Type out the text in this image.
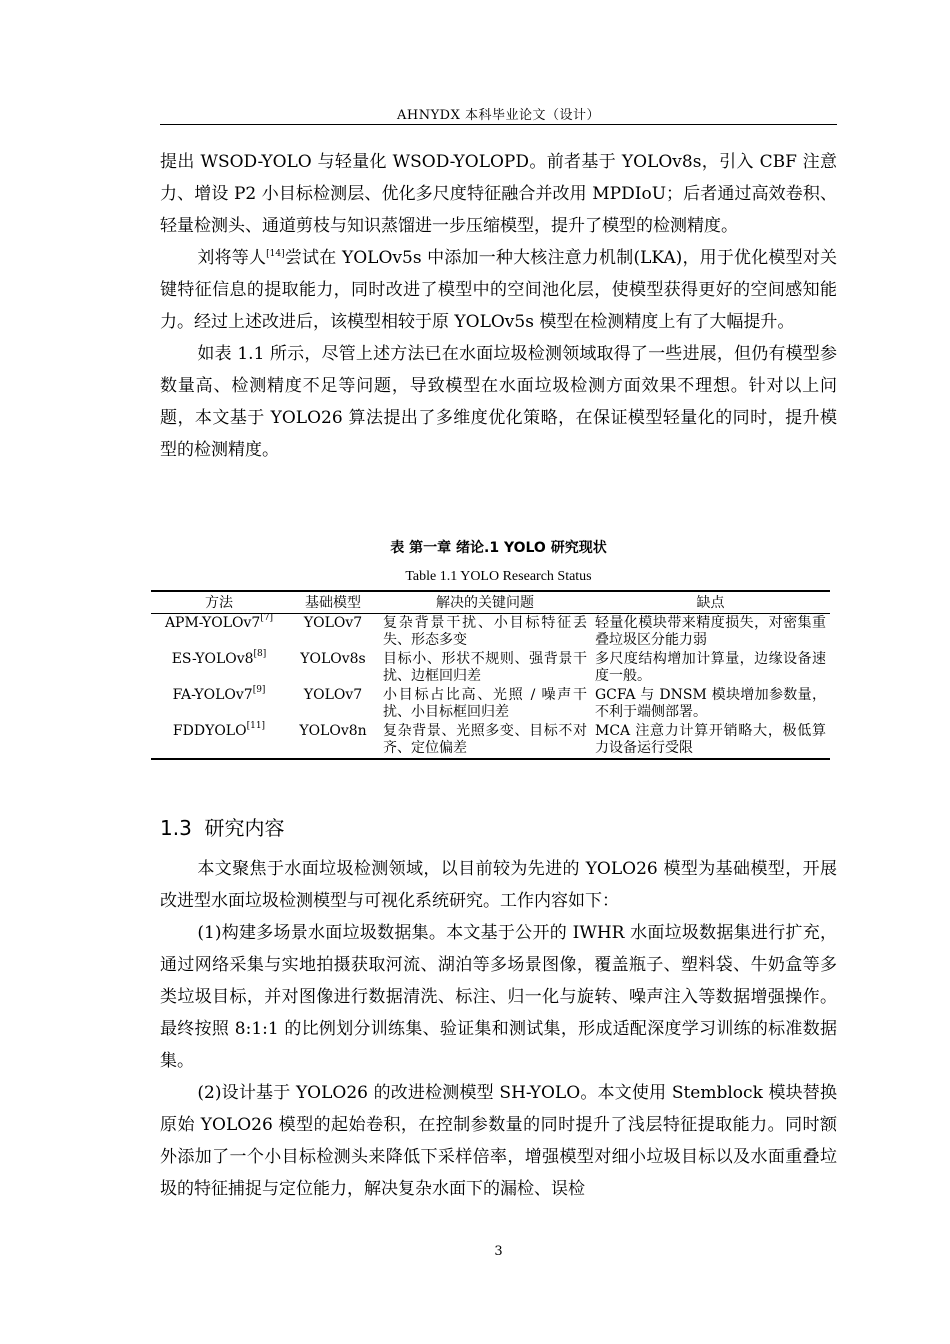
AHNYDX 本科毕业论文（设计）

提出 WSOD-YOLO 与轻量化 WSOD-YOLOPD。前者基于 YOLOv8s，引入 CBF 注意力、增设 P2 小目标检测层、优化多尺度特征融合并改用 MPDIoU；后者通过高效卷积、轻量检测头、通道剪枝与知识蒸馏进一步压缩模型，提升了模型的检测精度。

刘将等人[14]尝试在 YOLOv5s 中添加一种大核注意力机制(LKA)，用于优化模型对关键特征信息的提取能力，同时改进了模型中的空间池化层，使模型获得更好的空间感知能力。经过上述改进后，该模型相较于原 YOLOv5s 模型在检测精度上有了大幅提升。

如表 1.1 所示，尽管上述方法已在水面垃圾检测领域取得了一些进展，但仍有模型参数量高、检测精度不足等问题，导致模型在水面垃圾检测方面效果不理想。针对以上问题，本文基于 YOLO26 算法提出了多维度优化策略，在保证模型轻量化的同时，提升模型的检测精度。

表 第一章 绪论.1 YOLO 研究现状
Table 1.1 YOLO Research Status
方法	基础模型	解决的关键问题	缺点
APM-YOLOv7[7]	YOLOv7	复杂背景干扰、小目标特征丢失、形态多变	轻量化模块带来精度损失，对密集重叠垃圾区分能力弱
ES-YOLOv8[8]	YOLOv8s	目标小、形状不规则、强背景干扰、边框回归差	多尺度结构增加计算量，边缘设备速度一般。
FA-YOLOv7[9]	YOLOv7	小目标占比高、光照 / 噪声干扰、小目标框回归差	GCFA 与 DNSM 模块增加参数量，不利于端侧部署。
FDDYOLO[11]	YOLOv8n	复杂背景、光照多变、目标不对齐、定位偏差	MCA 注意力计算开销略大，极低算力设备运行受限
1.3 研究内容

本文聚焦于水面垃圾检测领域，以目前较为先进的 YOLO26 模型为基础模型，开展改进型水面垃圾检测模型与可视化系统研究。工作内容如下：

(1)构建多场景水面垃圾数据集。本文基于公开的 IWHR 水面垃圾数据集进行扩充，通过网络采集与实地拍摄获取河流、湖泊等多场景图像，覆盖瓶子、塑料袋、牛奶盒等多类垃圾目标，并对图像进行数据清洗、标注、归一化与旋转、噪声注入等数据增强操作。最终按照 8:1:1 的比例划分训练集、验证集和测试集，形成适配深度学习训练的标准数据集。

(2)设计基于 YOLO26 的改进检测模型 SH-YOLO。本文使用 Stemblock 模块替换原始 YOLO26 模型的起始卷积，在控制参数量的同时提升了浅层特征提取能力。同时额外添加了一个小目标检测头来降低下采样倍率，增强模型对细小垃圾目标以及水面重叠垃圾的特征捕捉与定位能力，解决复杂水面下的漏检、误检

3
